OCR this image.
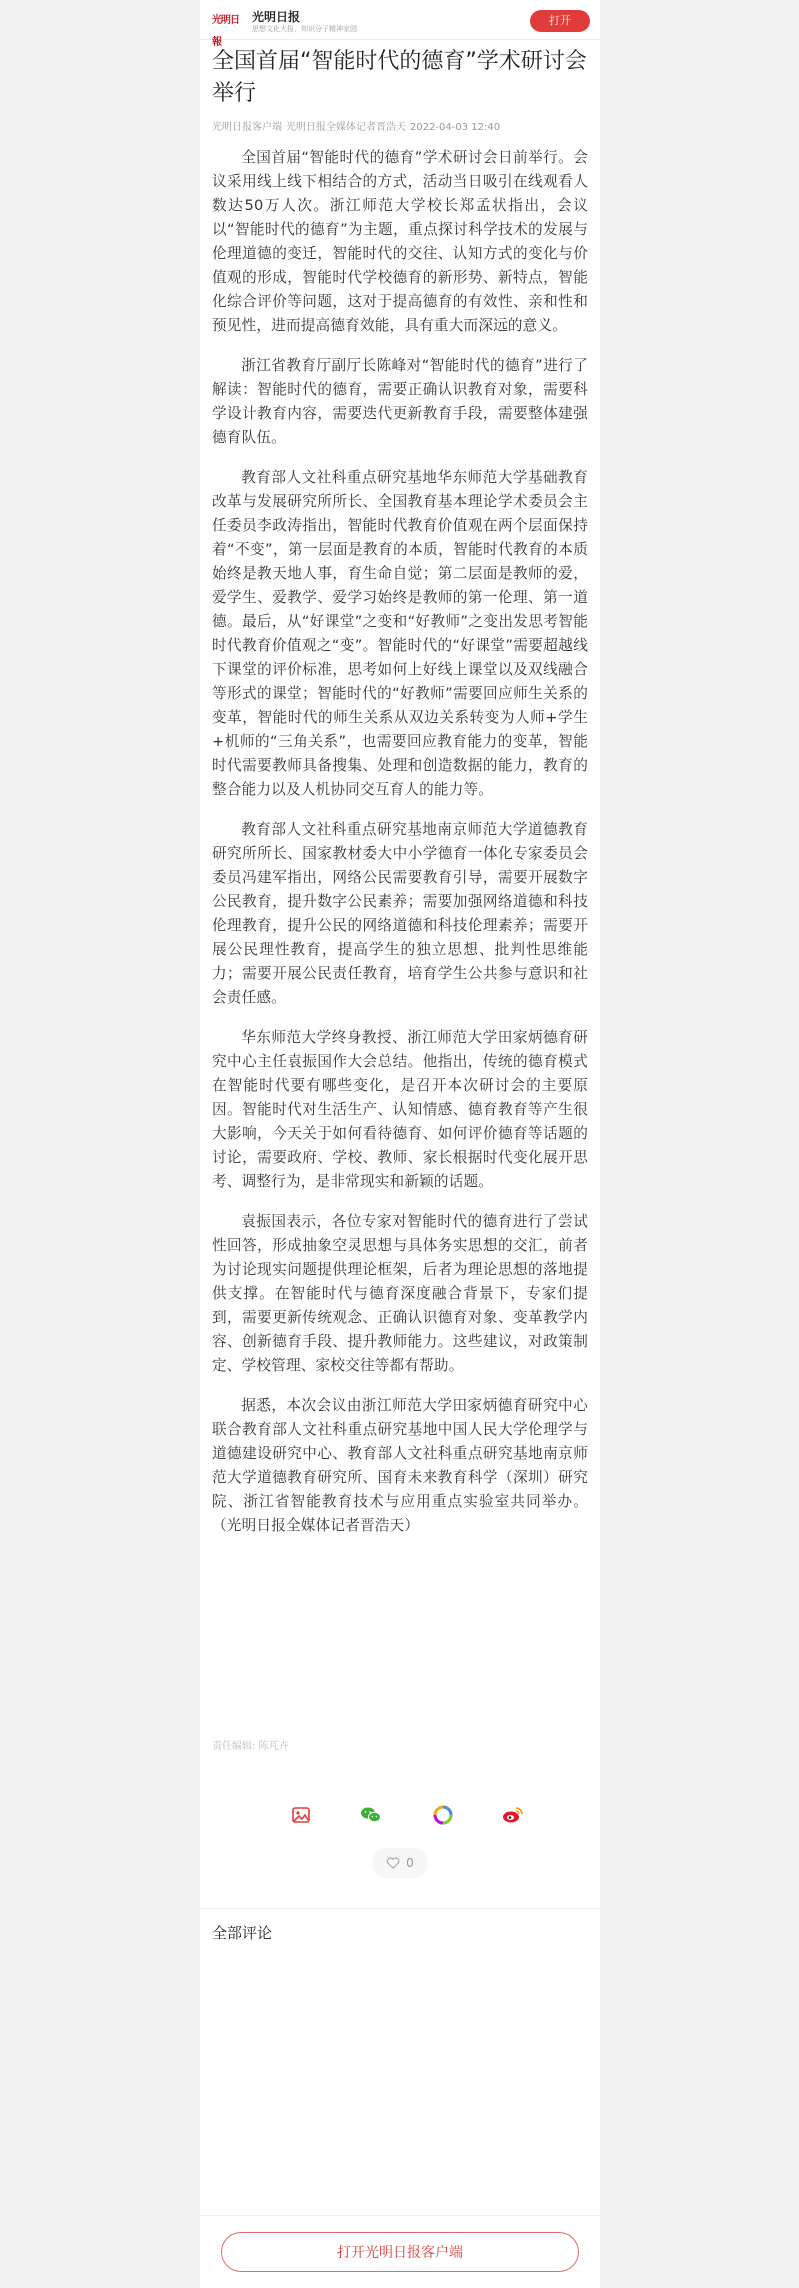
光明日報
光明日报
思想文化大报，知识分子精神家园
打开
全国首届“智能时代的德育”学术研讨会举行
光明日报客户端 光明日报全媒体记者晋浩天 2022-04-03 12:40

全国首届“智能时代的德育”学术研讨会日前举行。会议采用线上线下相结合的方式，活动当日吸引在线观看人数达50万人次。浙江师范大学校长郑孟状指出，会议以“智能时代的德育”为主题，重点探讨科学技术的发展与伦理道德的变迁，智能时代的交往、认知方式的变化与价值观的形成，智能时代学校德育的新形势、新特点，智能化综合评价等问题，这对于提高德育的有效性、亲和性和预见性，进而提高德育效能，具有重大而深远的意义。

浙江省教育厅副厅长陈峰对“智能时代的德育”进行了解读：智能时代的德育，需要正确认识教育对象，需要科学设计教育内容，需要迭代更新教育手段，需要整体建强德育队伍。

教育部人文社科重点研究基地华东师范大学基础教育改革与发展研究所所长、全国教育基本理论学术委员会主任委员李政涛指出，智能时代教育价值观在两个层面保持着“不变”，第一层面是教育的本质，智能时代教育的本质始终是教天地人事，育生命自觉；第二层面是教师的爱，爱学生、爱教学、爱学习始终是教师的第一伦理、第一道德。最后，从“好课堂”之变和“好教师”之变出发思考智能时代教育价值观之“变”。智能时代的“好课堂”需要超越线下课堂的评价标准，思考如何上好线上课堂以及双线融合等形式的课堂；智能时代的“好教师”需要回应师生关系的变革，智能时代的师生关系从双边关系转变为人师+学生+机师的“三角关系”，也需要回应教育能力的变革，智能时代需要教师具备搜集、处理和创造数据的能力，教育的整合能力以及人机协同交互育人的能力等。

教育部人文社科重点研究基地南京师范大学道德教育研究所所长、国家教材委大中小学德育一体化专家委员会委员冯建军指出，网络公民需要教育引导，需要开展数字公民教育，提升数字公民素养；需要加强网络道德和科技伦理教育，提升公民的网络道德和科技伦理素养；需要开展公民理性教育，提高学生的独立思想、批判性思维能力；需要开展公民责任教育，培育学生公共参与意识和社会责任感。

华东师范大学终身教授、浙江师范大学田家炳德育研究中心主任袁振国作大会总结。他指出，传统的德育模式在智能时代要有哪些变化，是召开本次研讨会的主要原因。智能时代对生活生产、认知情感、德育教育等产生很大影响，今天关于如何看待德育、如何评价德育等话题的讨论，需要政府、学校、教师、家长根据时代变化展开思考、调整行为，是非常现实和新颖的话题。

袁振国表示，各位专家对智能时代的德育进行了尝试性回答，形成抽象空灵思想与具体务实思想的交汇，前者为讨论现实问题提供理论框架，后者为理论思想的落地提供支撑。在智能时代与德育深度融合背景下，专家们提到，需要更新传统观念、正确认识德育对象、变革教学内容、创新德育手段、提升教师能力。这些建议，对政策制定、学校管理、家校交往等都有帮助。

据悉，本次会议由浙江师范大学田家炳德育研究中心联合教育部人文社科重点研究基地中国人民大学伦理学与道德建设研究中心、教育部人文社科重点研究基地南京师范大学道德教育研究所、国育未来教育科学（深圳）研究院、浙江省智能教育技术与应用重点实验室共同举办。（光明日报全媒体记者晋浩天）

责任编辑: 陈芃卉
0
全部评论
打开光明日报客户端
